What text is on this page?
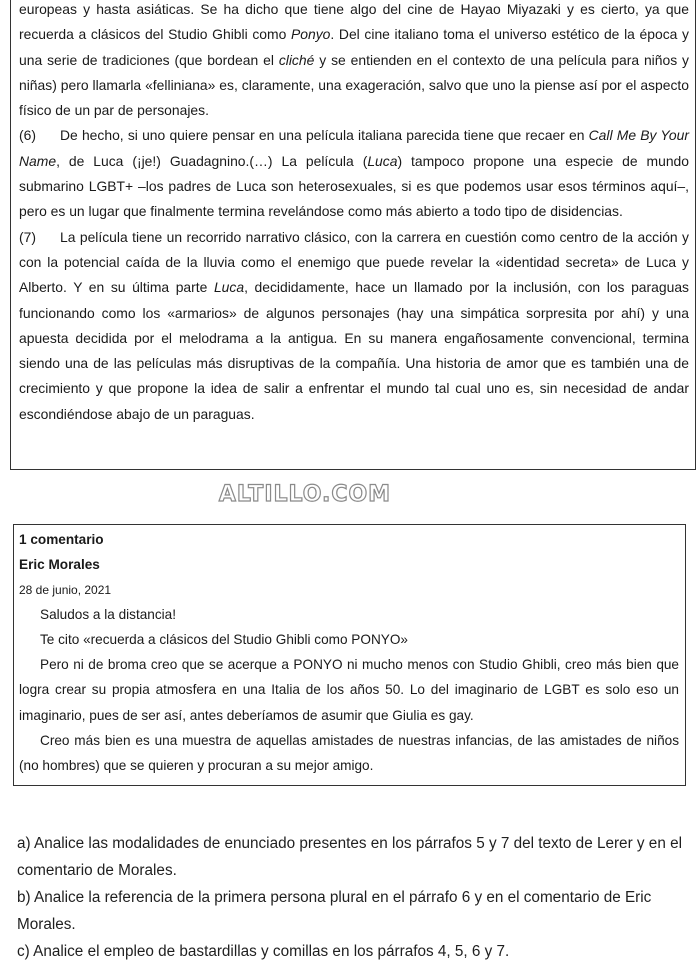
europeas y hasta asiáticas. Se ha dicho que tiene algo del cine de Hayao Miyazaki y es cierto, ya que recuerda a clásicos del Studio Ghibli como Ponyo. Del cine italiano toma el universo estético de la época y una serie de tradiciones (que bordean el cliché y se entienden en el contexto de una película para niños y niñas) pero llamarla «felliniana» es, claramente, una exageración, salvo que uno la piense así por el aspecto físico de un par de personajes.

(6) De hecho, si uno quiere pensar en una película italiana parecida tiene que recaer en Call Me By Your Name, de Luca (¡je!) Guadagnino.(…) La película (Luca) tampoco propone una especie de mundo submarino LGBT+ –los padres de Luca son heterosexuales, si es que podemos usar esos términos aquí–, pero es un lugar que finalmente termina revelándose como más abierto a todo tipo de disidencias.

(7) La película tiene un recorrido narrativo clásico, con la carrera en cuestión como centro de la acción y con la potencial caída de la lluvia como el enemigo que puede revelar la «identidad secreta» de Luca y Alberto. Y en su última parte Luca, decididamente, hace un llamado por la inclusión, con los paraguas funcionando como los «armarios» de algunos personajes (hay una simpática sorpresita por ahí) y una apuesta decidida por el melodrama a la antigua. En su manera engañosamente convencional, termina siendo una de las películas más disruptivas de la compañía. Una historia de amor que es también una de crecimiento y que propone la idea de salir a enfrentar el mundo tal cual uno es, sin necesidad de andar escondiéndose abajo de un paraguas.

ALTILLO.COM
1 comentario
Eric Morales
28 de junio, 2021
Saludos a la distancia!
Te cito «recuerda a clásicos del Studio Ghibli como PONYO»
Pero ni de broma creo que se acerque a PONYO ni mucho menos con Studio Ghibli, creo más bien que logra crear su propia atmosfera en una Italia de los años 50. Lo del imaginario de LGBT es solo eso un imaginario, pues de ser así, antes deberíamos de asumir que Giulia es gay.
Creo más bien es una muestra de aquellas amistades de nuestras infancias, de las amistades de niños (no hombres) que se quieren y procuran a su mejor amigo.

a) Analice las modalidades de enunciado presentes en los párrafos 5 y 7 del texto de Lerer y en el comentario de Morales.

b) Analice la referencia de la primera persona plural en el párrafo 6 y en el comentario de Eric Morales.

c) Analice el empleo de bastardillas y comillas en los párrafos 4, 5, 6 y 7.
